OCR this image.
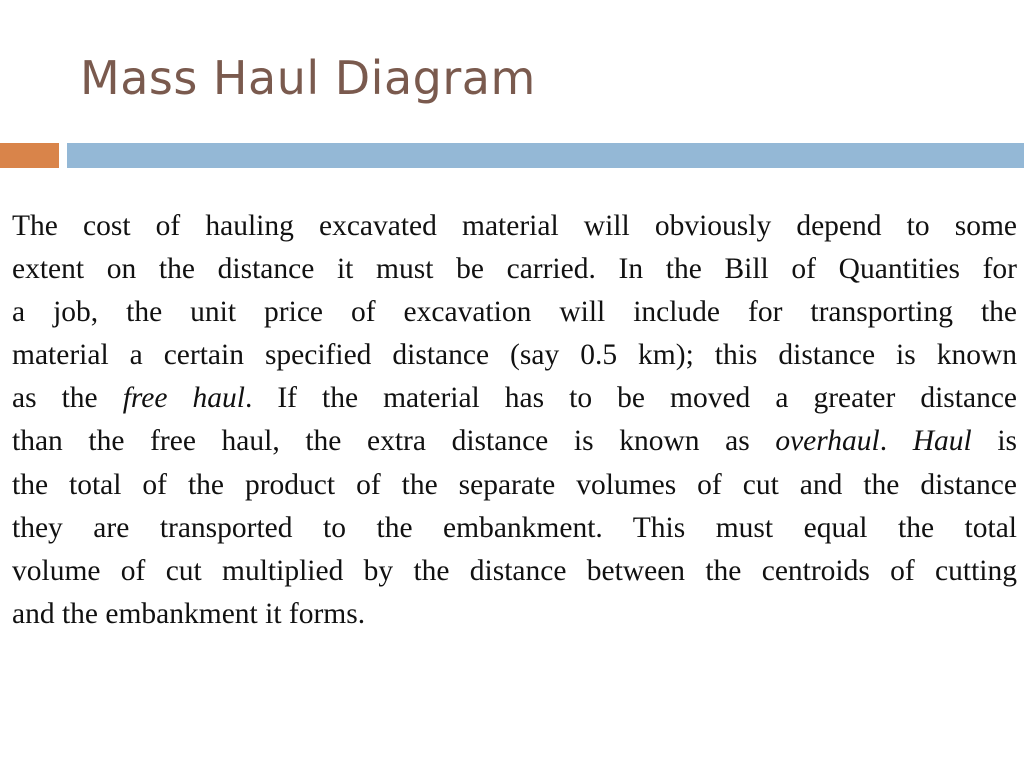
Mass Haul Diagram
The cost of hauling excavated material will obviously depend to some
extent on the distance it must be carried. In the Bill of Quantities for
a job, the unit price of excavation will include for transporting the
material a certain specified distance (say 0.5 km); this distance is known
as the free haul. If the material has to be moved a greater distance
than the free haul, the extra distance is known as overhaul. Haul is
the total of the product of the separate volumes of cut and the distance
they are transported to the embankment. This must equal the total
volume of cut multiplied by the distance between the centroids of cutting
and the embankment it forms.
